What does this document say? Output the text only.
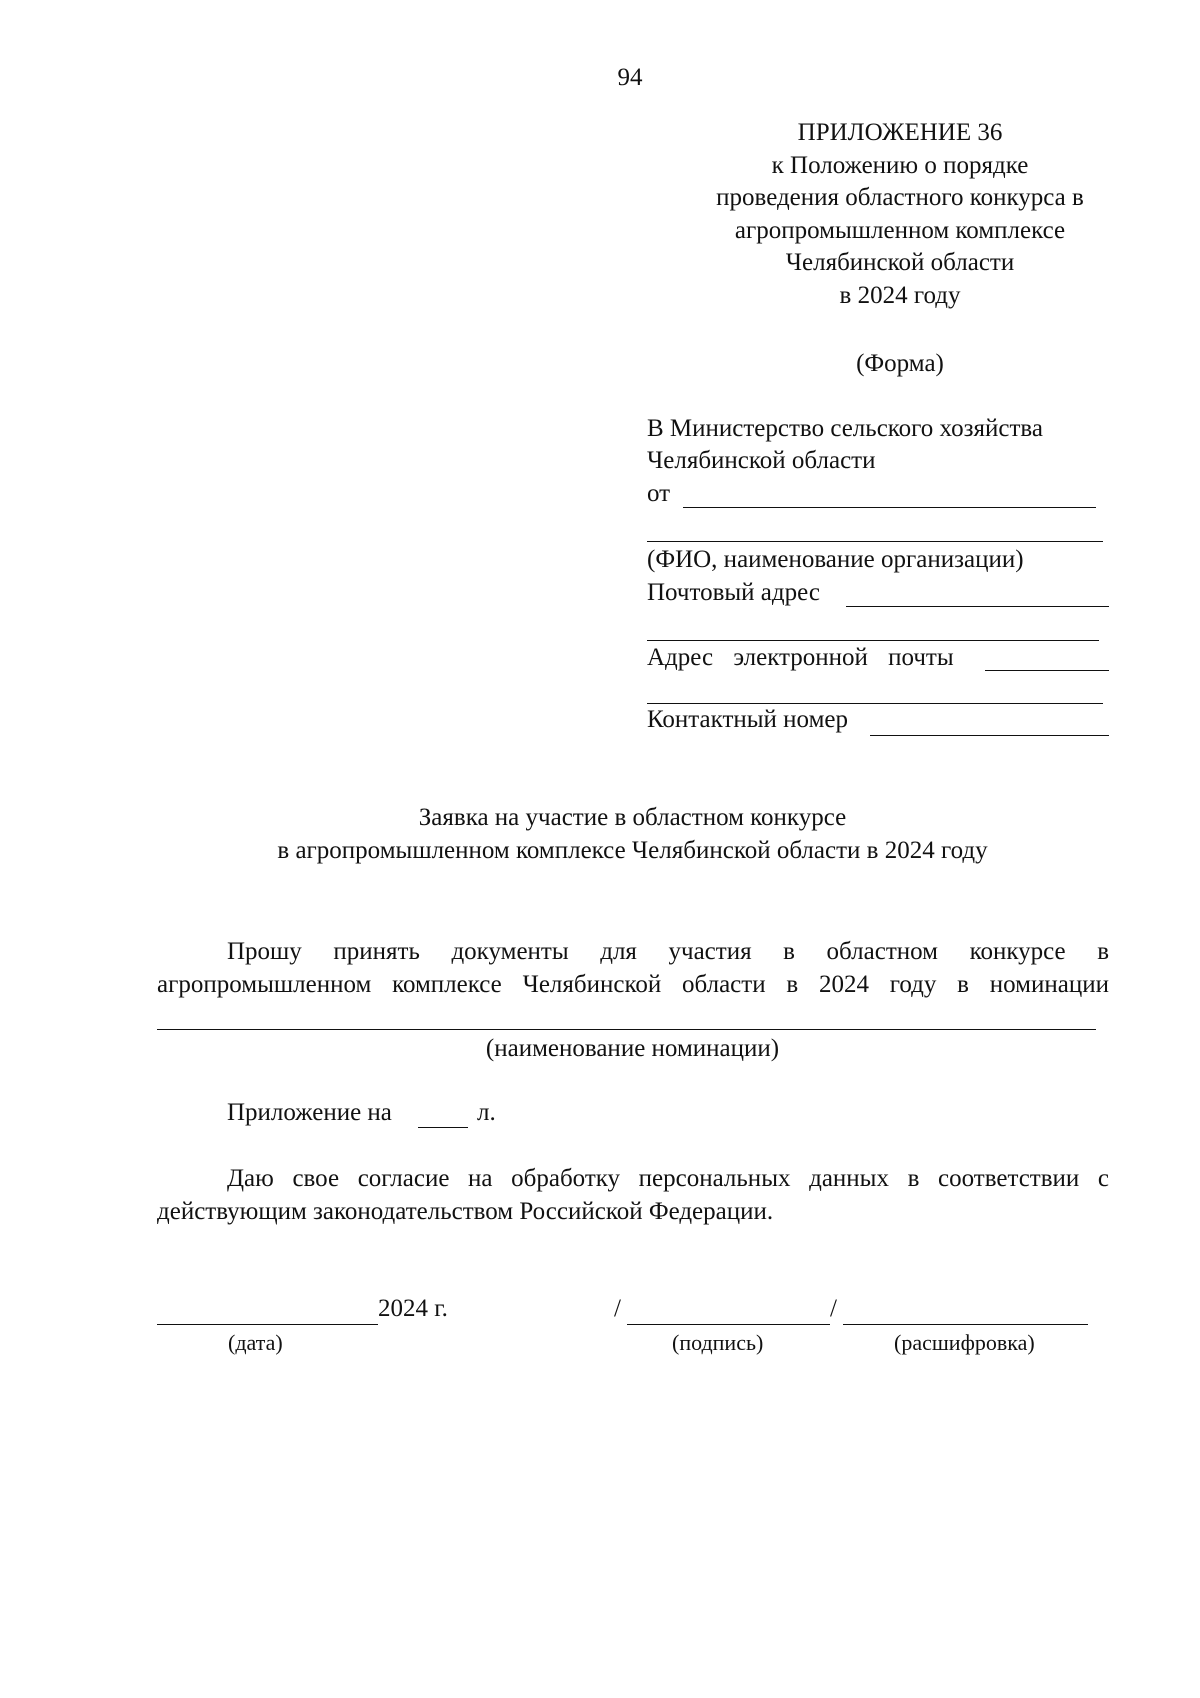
94
ПРИЛОЖЕНИЕ 36
к Положению о порядке
проведения областного конкурса в
агропромышленном комплексе
Челябинской области
в 2024 году
(Форма)
В Министерство сельского хозяйства
Челябинской области
от
(ФИО, наименование организации)
Почтовый адрес
Адрес электронной почты
Контактный номер
Заявка на участие в областном конкурсе
в агропромышленном комплексе Челябинской области в 2024 году
Прошу принять документы для участия в областном конкурсе в
агропромышленном комплексе Челябинской области в 2024 году в номинации
(наименование номинации)
Приложение на	л.
Даю свое согласие на обработку персональных данных в соответствии с
действующим законодательством Российской Федерации.
2024 г.
(дата)
/	/
(подпись)	(расшифровка)
